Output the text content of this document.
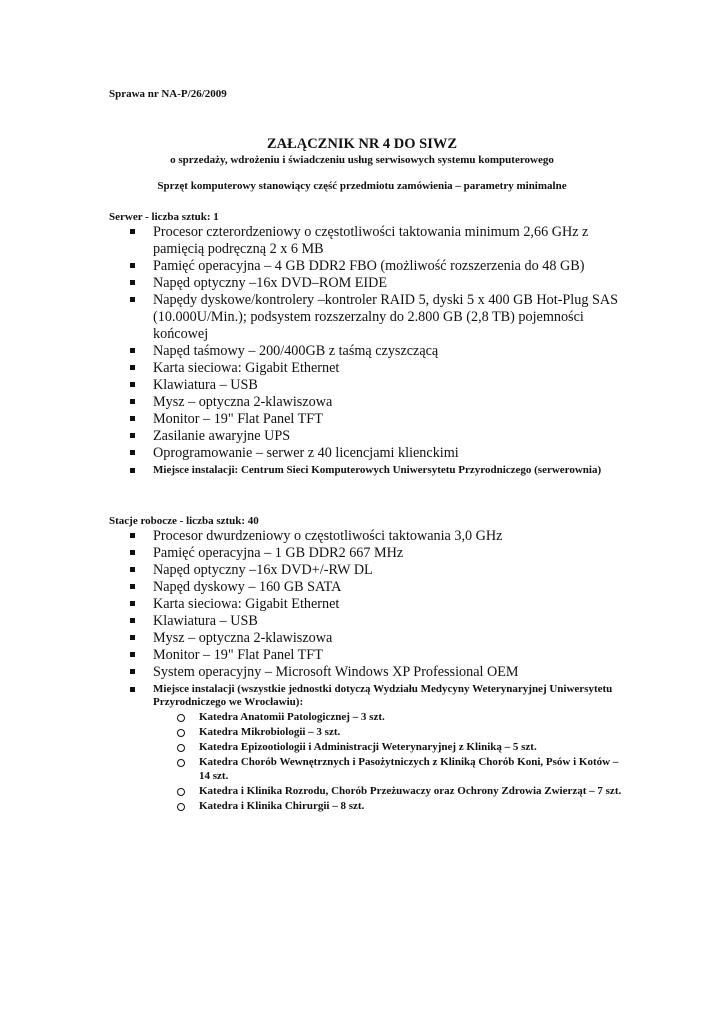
Sprawa nr NA-P/26/2009

ZAŁĄCZNIK NR 4 DO SIWZ

o sprzedaży, wdrożeniu i świadczeniu usług serwisowych systemu komputerowego

Sprzęt komputerowy stanowiący część przedmiotu zamówienia – parametry minimalne
Serwer - liczba sztuk: 1
Procesor czterordzeniowy o częstotliwości taktowania minimum 2,66 GHz z pamięcią podręczną 2 x 6 MB
Pamięć operacyjna – 4 GB DDR2 FBO (możliwość rozszerzenia do 48 GB)
Napęd optyczny –16x DVD–ROM EIDE
Napędy dyskowe/kontrolery –kontroler RAID 5, dyski 5 x 400 GB Hot-Plug SAS (10.000U/Min.); podsystem rozszerzalny do 2.800 GB (2,8 TB) pojemności końcowej
Napęd taśmowy – 200/400GB z taśmą czyszczącą
Karta sieciowa: Gigabit Ethernet
Klawiatura – USB
Mysz – optyczna 2-klawiszowa
Monitor – 19" Flat Panel TFT
Zasilanie awaryjne UPS
Oprogramowanie – serwer z 40 licencjami klienckimi
Miejsce instalacji: Centrum Sieci Komputerowych Uniwersytetu Przyrodniczego (serwerownia)
Stacje robocze - liczba sztuk: 40
Procesor dwurdzeniowy o częstotliwości taktowania 3,0 GHz
Pamięć operacyjna – 1 GB DDR2 667 MHz
Napęd optyczny –16x DVD+/-RW DL
Napęd dyskowy – 160 GB SATA
Karta sieciowa: Gigabit Ethernet
Klawiatura – USB
Mysz – optyczna 2-klawiszowa
Monitor – 19" Flat Panel TFT
System operacyjny – Microsoft Windows XP Professional OEM
Miejsce instalacji (wszystkie jednostki dotyczą Wydziału Medycyny Weterynaryjnej Uniwersytetu Przyrodniczego we Wrocławiu):
Katedra Anatomii Patologicznej – 3 szt.
Katedra Mikrobiologii – 3 szt.
Katedra Epizootiologii i Administracji Weterynaryjnej z Kliniką – 5 szt.
Katedra Chorób Wewnętrznych i Pasożytniczych z Kliniką Chorób Koni, Psów i Kotów – 14 szt.
Katedra i Klinika Rozrodu, Chorób Przeżuwaczy oraz Ochrony Zdrowia Zwierząt – 7 szt.
Katedra i Klinika Chirurgii – 8 szt.
